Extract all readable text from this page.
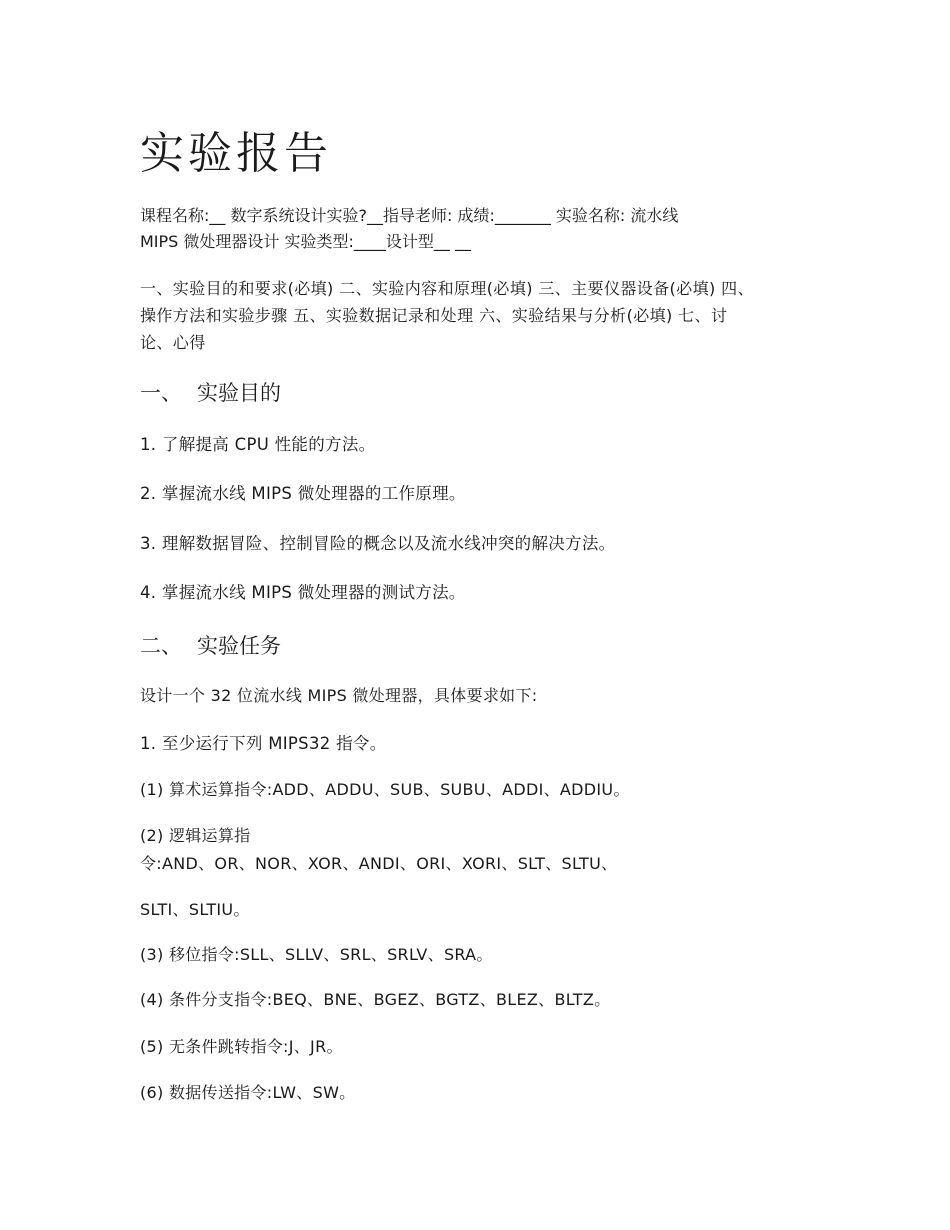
实验报告

课程名称:__ 数字系统设计实验?__指导老师: 成绩:_______ 实验名称: 流水线

MIPS 微处理器设计 实验类型:____设计型__ __

一、实验目的和要求(必填) 二、实验内容和原理(必填) 三、主要仪器设备(必填) 四、

操作方法和实验步骤 五、实验数据记录和处理 六、实验结果与分析(必填) 七、讨

论、心得

一、 实验目的

1. 了解提高 CPU 性能的方法。

2. 掌握流水线 MIPS 微处理器的工作原理。

3. 理解数据冒险、控制冒险的概念以及流水线冲突的解决方法。

4. 掌握流水线 MIPS 微处理器的测试方法。

二、 实验任务

设计一个 32 位流水线 MIPS 微处理器，具体要求如下:

1. 至少运行下列 MIPS32 指令。

(1) 算术运算指令:ADD、ADDU、SUB、SUBU、ADDI、ADDIU。

(2) 逻辑运算指

令:AND、OR、NOR、XOR、ANDI、ORI、XORI、SLT、SLTU、

SLTI、SLTIU。

(3) 移位指令:SLL、SLLV、SRL、SRLV、SRA。

(4) 条件分支指令:BEQ、BNE、BGEZ、BGTZ、BLEZ、BLTZ。

(5) 无条件跳转指令:J、JR。

(6) 数据传送指令:LW、SW。
